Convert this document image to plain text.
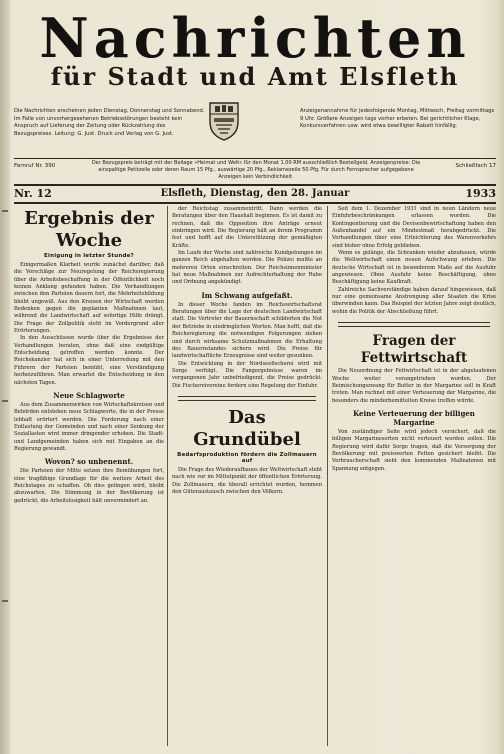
Nachrichten
für Stadt und Amt Elsfleth
Die Nachrichten erscheinen jeden Dienstag, Donnerstag und Sonnabend. Im Falle von unvorhergesehenen Betriebsstörungen besteht kein Anspruch auf Lieferung der Zeitung oder Rückzahlung des Bezugspreises. Leitung: G. Just. Druck und Verlag von G. Just.
Anzeigenannahme für jedesfolgende Montag, Mittwoch, Freitag vormittags 9 Uhr. Größere Anzeigen tags vorher erbeten. Bei gerichtlicher Klage, Konkursverfahren usw. wird etwa bewilligter Rabatt hinfällig.
Fernruf Nr. 390	Der Bezugspreis beträgt mit der Beilage »Heimat und Welt« für den Monat 1.00 RM ausschließlich Bestellgeld. Anzeigenpreise: Die einspaltige Petitzeile oder deren Raum 15 Pfg., auswärtige 20 Pfg., Reklamezeile 50 Pfg. Für durch Fernsprecher aufgegebene Anzeigen kein Verbindlichkeit.
Schließfach 17
Nr. 12	Elsfleth, Dienstag, den 28. Januar	1933
Ergebnis der Woche
Einigung in letzter Stunde?

Einigermaßen Klarheit wurde zunächst darüber, daß die Vorschläge zur Neuregelung der Reichsregierung über die Arbeitsbeschaffung in der Öffentlichkeit noch keinen Anklang gefunden haben. Die Verhandlungen zwischen den Parteien dauern fort, die Mehrheitsbildung bleibt ungewiß. Aus den Kreisen der Wirtschaft werden Bedenken gegen die geplanten Maßnahmen laut, während die Landwirtschaft auf sofortige Hilfe drängt. Die Frage der Zollpolitik steht im Vordergrund aller Erörterungen.

In den Ausschüssen wurde über die Ergebnisse der Verhandlungen beraten, ohne daß eine endgültige Entscheidung getroffen werden konnte. Der Reichskanzler hat sich in einer Unterredung mit den Führern der Parteien bemüht, eine Verständigung herbeizuführen. Man erwartet die Entscheidung in den nächsten Tagen.

Neue Schlagworte

Aus dem Zusammenwirken von Wirtschaftskreisen und Behörden entstehen neue Schlagworte, die in der Presse lebhaft erörtert werden. Die Forderung nach einer Entlastung der Gemeinden und nach einer Senkung der Soziallasten wird immer dringender erhoben. Die Stadt- und Landgemeinden haben sich mit Eingaben an die Regierung gewandt.

Wovon? so unbenennt.

Die Parteien der Mitte setzen ihre Bemühungen fort, eine tragfähige Grundlage für die weitere Arbeit des Reichstages zu schaffen. Ob dies gelingen wird, bleibt abzuwarten. Die Stimmung in der Bevölkerung ist gedrückt, die Arbeitslosigkeit hält unvermindert an.

der Reichstag zusammentritt. Dann werden die Beratungen über den Haushalt beginnen. Es ist damit zu rechnen, daß die Opposition ihre Anträge erneut einbringen wird. Die Regierung hält an ihrem Programm fest und hofft auf die Unterstützung der gemäßigten Kräfte.

Im Laufe der Woche sind zahlreiche Kundgebungen im ganzen Reich abgehalten worden. Die Polizei mußte an mehreren Orten einschreiten. Der Reichsinnenminister hat neue Maßnahmen zur Aufrechterhaltung der Ruhe und Ordnung angekündigt.

Im Schwang aufgefaßt.

In dieser Woche fanden im Reichswirtschaftsrat Beratungen über die Lage der deutschen Landwirtschaft statt. Die Vertreter der Bauernschaft schilderten die Not der Betriebe in eindringlichen Worten. Man hofft, daß die Reichsregierung die notwendigen Folgerungen ziehen und durch wirksame Schutzmaßnahmen die Erhaltung des Bauernstandes sichern wird. Die Preise für landwirtschaftliche Erzeugnisse sind weiter gesunken.

Die Entwicklung in der Nordseefischerei wird mit Sorge verfolgt. Die Fangergebnisse waren im vergangenen Jahr unbefriedigend, die Preise gedrückt. Die Fischereivereine fordern eine Regelung der Einfuhr.

Das Grundübel
Bedarfsproduktion fördern die Zollmauern auf

Die Frage des Wiederaufbaues der Weltwirtschaft steht nach wie vor im Mittelpunkt der öffentlichen Erörterung. Die Zollmauern, die überall errichtet wurden, hemmen den Güteraustausch zwischen den Völkern.

Seit dem 1. Dezember 1931 sind in neun Ländern neue Einfuhrbeschränkungen erlassen worden. Die Kontingentierung und die Devisenbewirtschaftung haben den Außenhandel auf ein Mindestmaß herabgedrückt. Die Verhandlungen über eine Erleichterung des Warenverkehrs sind bisher ohne Erfolg geblieben.

Wenn es gelänge, die Schranken wieder abzubauen, würde die Weltwirtschaft einen neuen Aufschwung erleben. Die deutsche Wirtschaft ist in besonderem Maße auf die Ausfuhr angewiesen. Ohne Ausfuhr keine Beschäftigung, ohne Beschäftigung keine Kaufkraft.

Zahlreiche Sachverständige haben darauf hingewiesen, daß nur eine gemeinsame Anstrengung aller Staaten die Krise überwinden kann. Das Beispiel der letzten Jahre zeigt deutlich, wohin die Politik der Abschließung führt.

Fragen der Fettwirtschaft

Die Neuordnung der Fettwirtschaft ist in der abgelaufenen Woche weiter vorangetrieben worden. Der Beimischungszwang für Butter in der Margarine soll in Kraft treten. Man rechnet mit einer Verteuerung der Margarine, die besonders die minderbemittelten Kreise treffen würde.

Keine Verteuerung der billigen Margarine

Von zuständiger Seite wird jedoch versichert, daß die billigen Margarinesorten nicht verteuert werden sollen. Die Regierung wird dafür Sorge tragen, daß die Versorgung der Bevölkerung mit preiswerten Fetten gesichert bleibt. Die Verbraucherschaft sieht den kommenden Maßnahmen mit Spannung entgegen.
